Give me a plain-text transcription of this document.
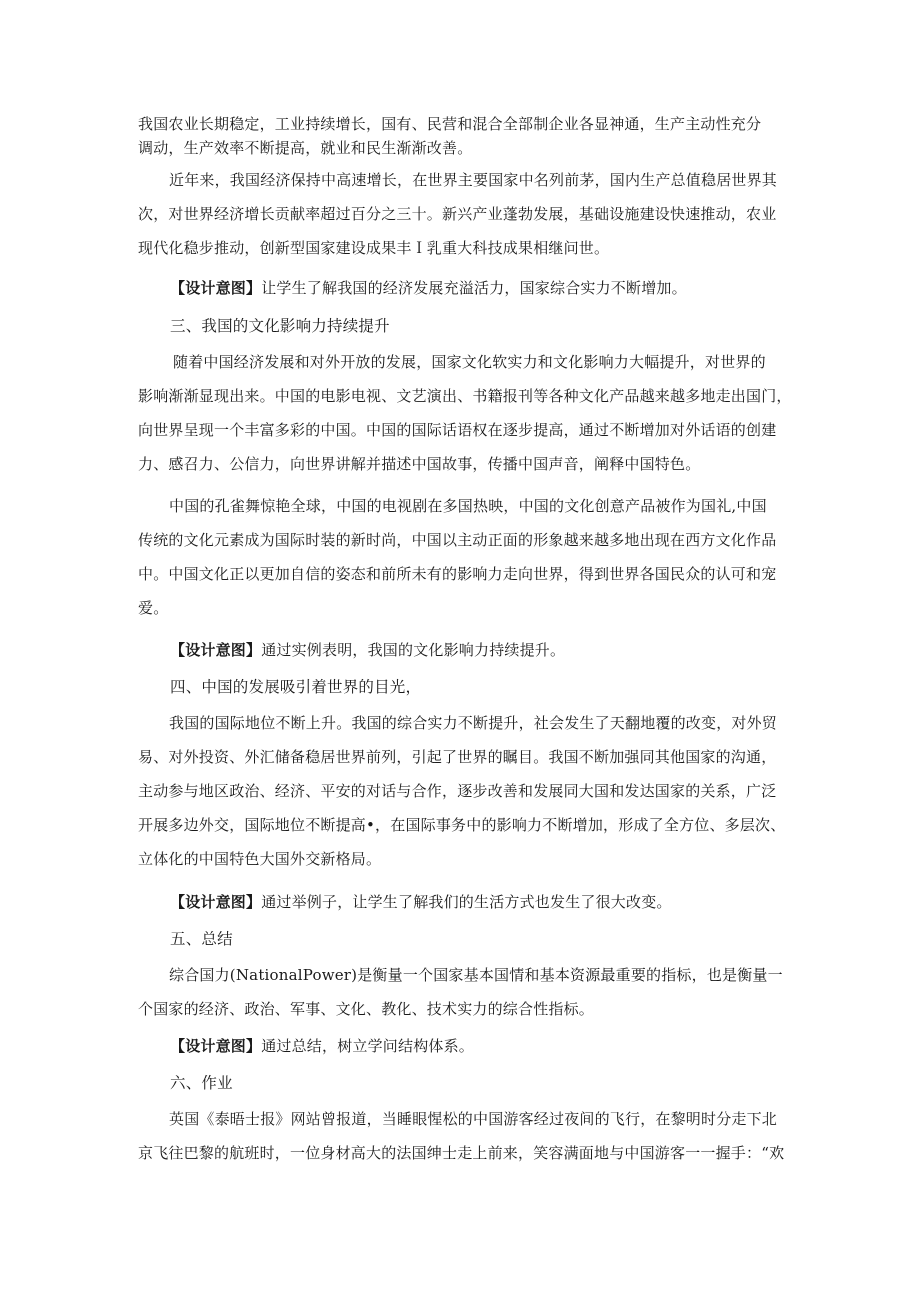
我国农业长期稳定，工业持续增长，国有、民营和混合全部制企业各显神通，生产主动性充分
调动，生产效率不断提高，就业和民生渐渐改善。
近年来，我国经济保持中高速增长，在世界主要国家中名列前茅，国内生产总值稳居世界其
次，对世界经济增长贡献率超过百分之三十。新兴产业蓬勃发展，基础设施建设快速推动，农业
现代化稳步推动，创新型国家建设成果丰Ｉ乳重大科技成果相继问世。
【设计意图】让学生了解我国的经济发展充溢活力，国家综合实力不断增加。
三、我国的文化影响力持续提升
随着中国经济发展和对外开放的发展，国家文化软实力和文化影响力大幅提升，对世界的
影响渐渐显现出来。中国的电影电视、文艺演出、书籍报刊等各种文化产品越来越多地走出国门，
向世界呈现一个丰富多彩的中国。中国的国际话语权在逐步提高，通过不断增加对外话语的创建
力、感召力、公信力，向世界讲解并描述中国故事，传播中国声音，阐释中国特色。
中国的孔雀舞惊艳全球，中国的电视剧在多国热映，中国的文化创意产品被作为国礼,中国
传统的文化元素成为国际时装的新时尚，中国以主动正面的形象越来越多地出现在西方文化作品
中。中国文化正以更加自信的姿态和前所未有的影响力走向世界，得到世界各国民众的认可和宠
爱。
【设计意图】通过实例表明，我国的文化影响力持续提升。
四、中国的发展吸引着世界的目光，
我国的国际地位不断上升。我国的综合实力不断提升，社会发生了天翻地覆的改变，对外贸
易、对外投资、外汇储备稳居世界前列，引起了世界的瞩目。我国不断加强同其他国家的沟通，
主动参与地区政治、经济、平安的对话与合作，逐步改善和发展同大国和发达国家的关系，广泛
开展多边外交，国际地位不断提高•，在国际事务中的影响力不断增加，形成了全方位、多层次、
立体化的中国特色大国外交新格局。
【设计意图】通过举例子，让学生了解我们的生活方式也发生了很大改变。
五、总结
综合国力(NationalPower)是衡量一个国家基本国情和基本资源最重要的指标，也是衡量一
个国家的经济、政治、军事、文化、教化、技术实力的综合性指标。
【设计意图】通过总结，树立学问结构体系。
六、作业
英国《泰晤士报》网站曾报道，当睡眼惺松的中国游客经过夜间的飞行，在黎明时分走下北
京飞往巴黎的航班时，一位身材高大的法国绅士走上前来，笑容满面地与中国游客一一握手：“欢
